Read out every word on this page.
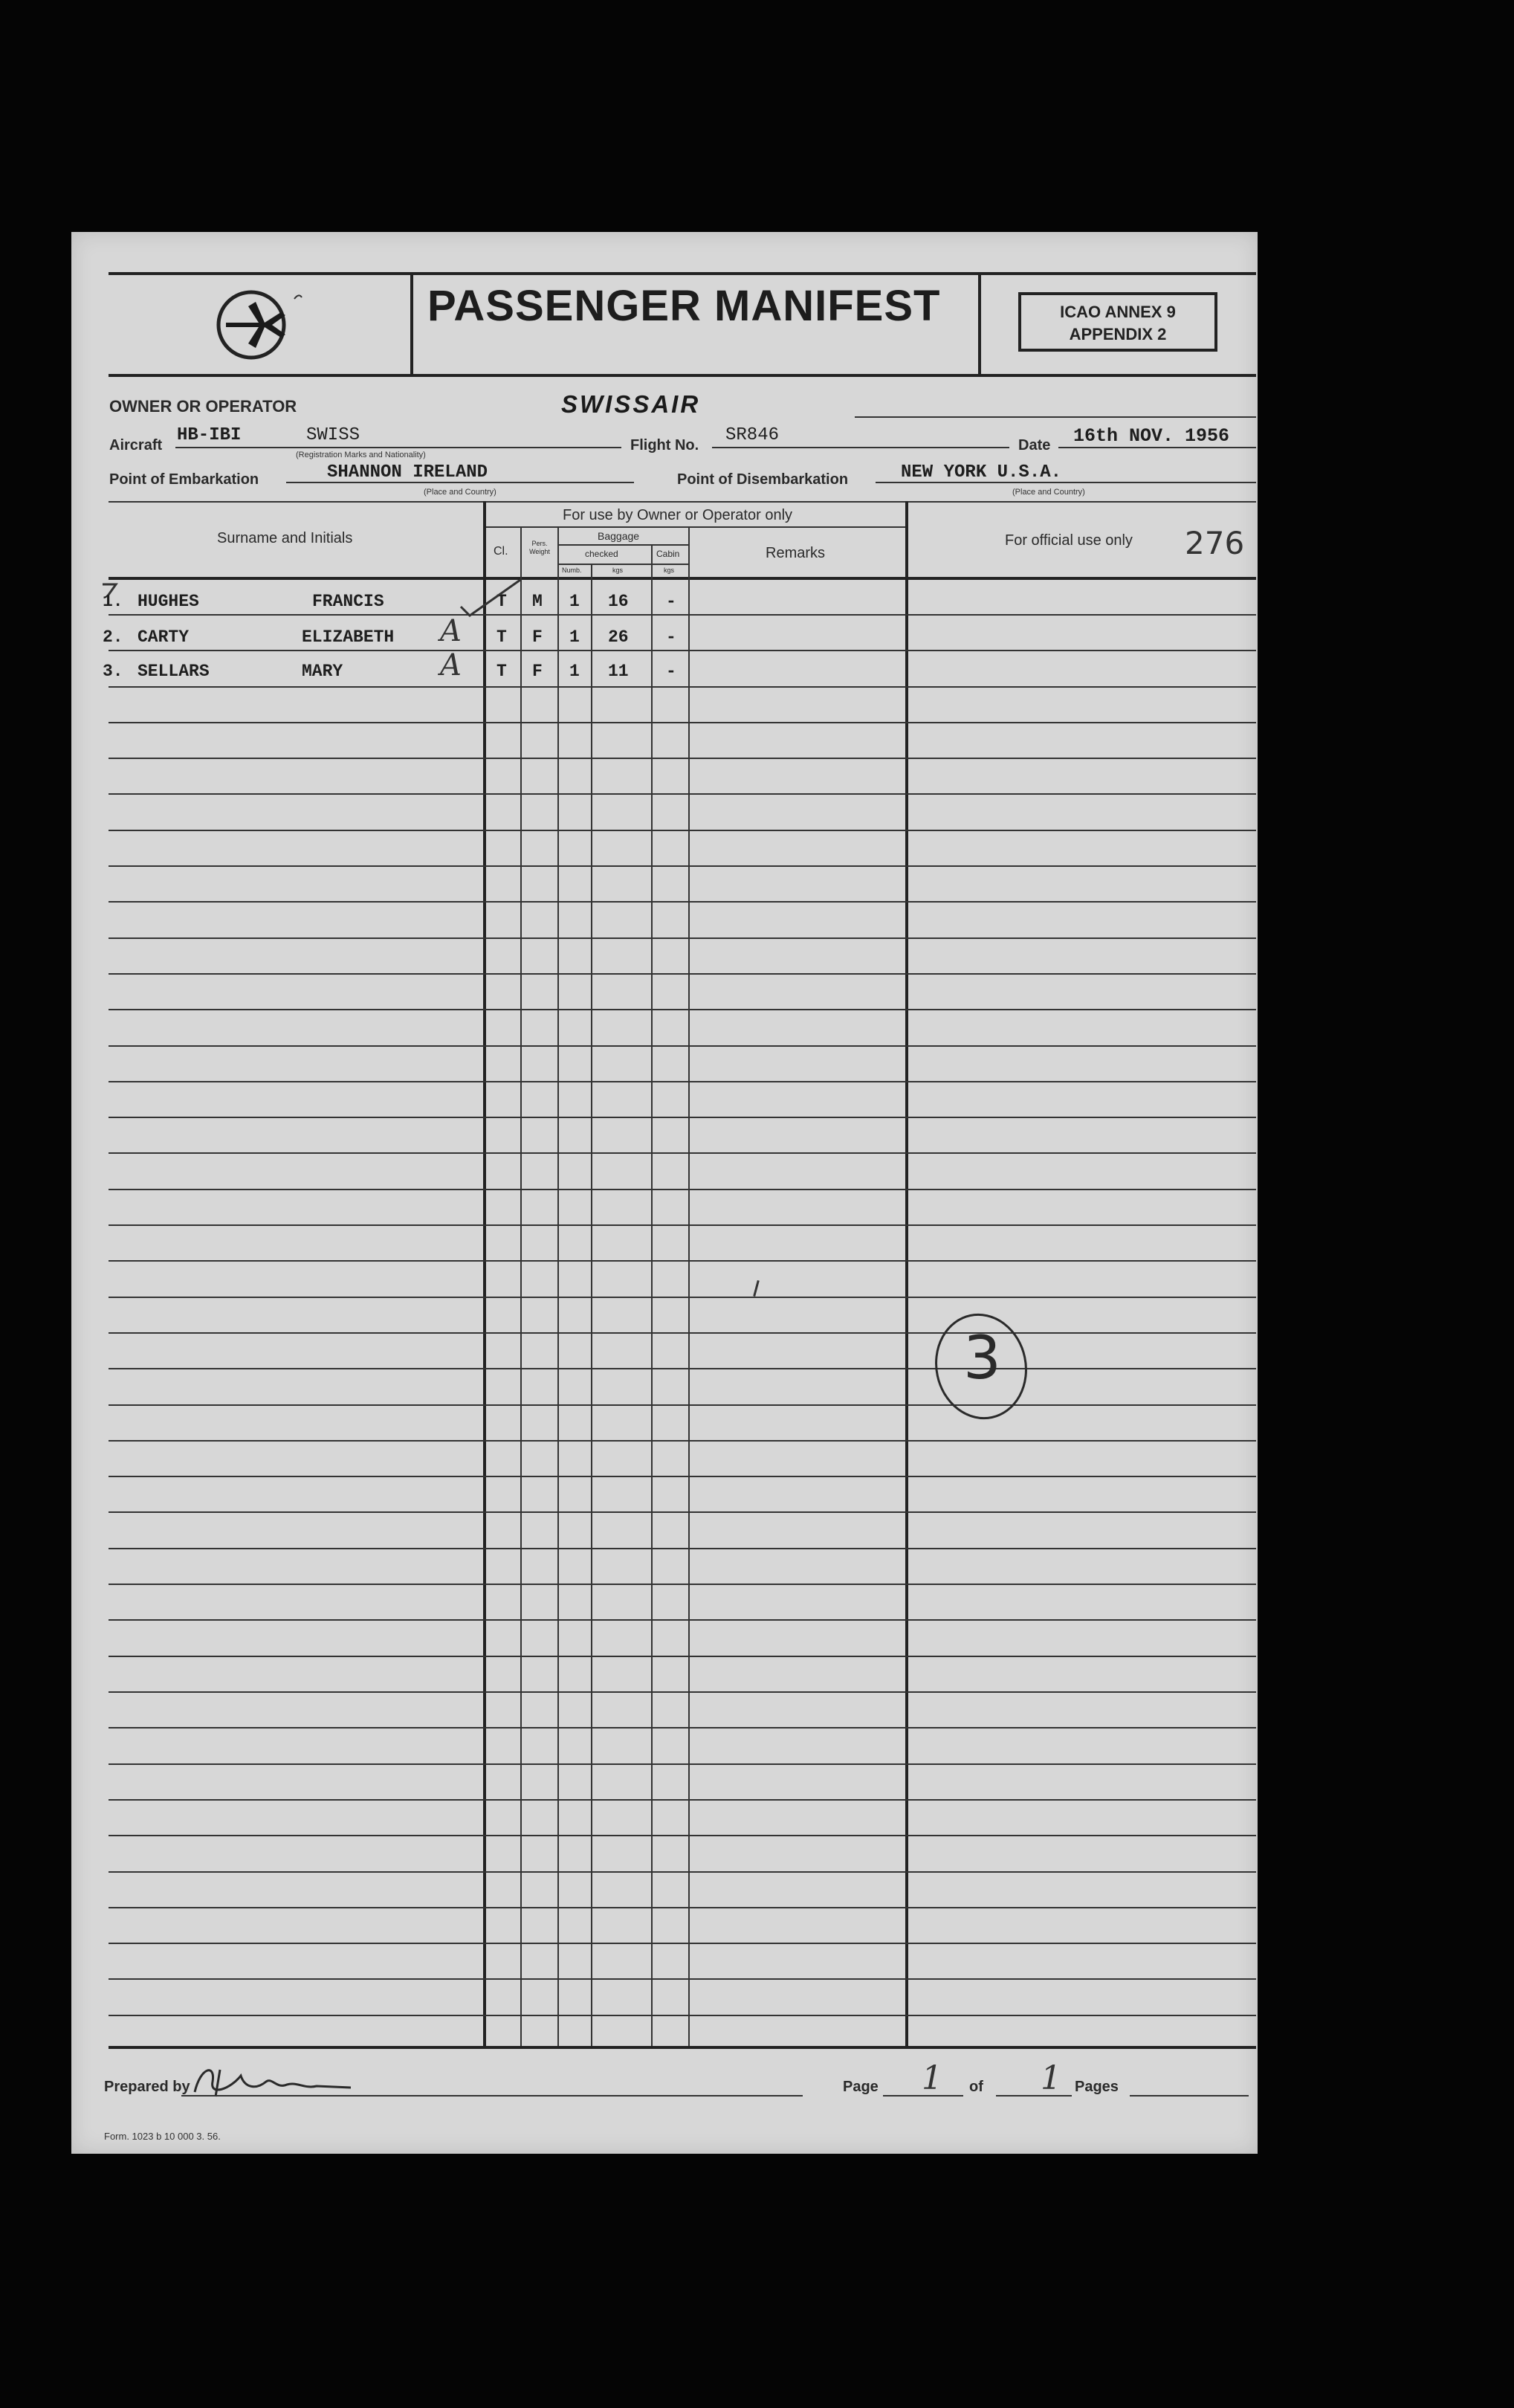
PASSENGER MANIFEST	ICAO ANNEX 9
APPENDIX 2
OWNER OR OPERATOR	SWISSAIR
Aircraft HB-IBI	SWISS
(Registration Marks and Nationality)
Flight No. SR846	Date 16th NOV. 1956
Point of Embarkation	SHANNON IRELAND
(Place and Country)
Point of Disembarkation	NEW YORK U.S.A.
(Place and Country)
For use by Owner or Operator only
Surname and Initials
Cl.
Pers. Weight
Baggage
checked	Cabin
Numb.	kgs	kgs
Remarks
For official use only 276
1. HUGHES	FRANCIS	T M 1 16 -
2. CARTY	ELIZABETH A T F 1 26 -
3. SELLARS	MARY	A T F 1 11 -
3
Prepared by	Page 1 of 1 Pages
Form. 1023 b 10 000 3. 56.
